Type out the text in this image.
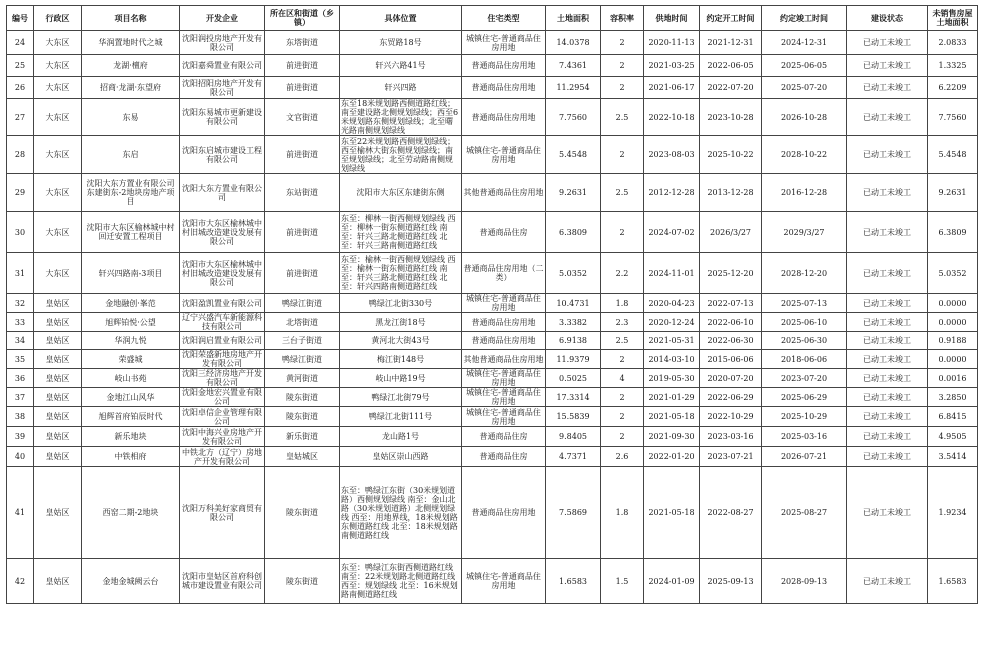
编号	行政区	项目名称	开发企业	所在区和街道（乡镇）	具体位置	住宅类型	土地面积	容积率	供地时间	约定开工时间	约定竣工时间	建设状态	未销售房屋土地面积
24	大东区	华润置地时代之城	沈阳润投房地产开发有限公司	东塔街道	东贸路18号	城镇住宅-普通商品住房用地	14.0378	2	2020-11-13	2021-12-31	2024-12-31	已动工未竣工	2.0833
25	大东区	龙湖·檀府	沈阳嘉舜置业有限公司	前进街道	轩兴六路41号	普通商品住房用地	7.4361	2	2021-03-25	2022-06-05	2025-06-05	已动工未竣工	1.3325
26	大东区	招商·龙湖·东望府	沈阳招阳房地产开发有限公司	前进街道	轩兴四路	普通商品住房用地	11.2954	2	2021-06-17	2022-07-20	2025-07-20	已动工未竣工	6.2209
27	大东区	东易	沈阳东易城市更新建设有限公司	文官街道	东至18米规划路西侧道路红线；南至建设路北侧规划绿线；西至6米规划路东侧规划绿线；北至曙光路南侧规划绿线	普通商品住房用地	7.7560	2.5	2022-10-18	2023-10-28	2026-10-28	已动工未竣工	7.7560
28	大东区	东启	沈阳东启城市建设工程有限公司	前进街道	东至22米规划路西侧规划绿线；西至榆林大街东侧规划绿线；南至规划绿线；北至劳动路南侧规划绿线	城镇住宅-普通商品住房用地	5.4548	2	2023-08-03	2025-10-22	2028-10-22	已动工未竣工	5.4548
29	大东区	沈阳大东方置业有限公司东建街东-2地块房地产项目	沈阳大东方置业有限公司	东站街道	沈阳市大东区东建街东侧	其他普通商品住房用地	9.2631	2.5	2012-12-28	2013-12-28	2016-12-28	已动工未竣工	9.2631
30	大东区	沈阳市大东区榆林城中村回迁安置工程项目	沈阳市大东区榆林城中村旧城改造建设发展有限公司	前进街道	东至：柳林一街西侧规划绿线 西至：柳林一街东侧道路红线 南至：轩兴三路北侧道路红线 北至：轩兴三路南侧道路红线	普通商品住房	6.3809	2	2024-07-02	2026/3/27	2029/3/27	已动工未竣工	6.3809
31	大东区	轩兴四路南-3项目	沈阳市大东区榆林城中村旧城改造建设发展有限公司	前进街道	东至：榆林一街西侧规划绿线 西至：榆林一街东侧道路红线 南至：轩兴三路北侧道路红线 北至：轩兴四路南侧道路红线	普通商品住房用地（二类）	5.0352	2.2	2024-11-01	2025-12-20	2028-12-20	已动工未竣工	5.0352
32	皇姑区	金地融创·峯范	沈阳盈凯置业有限公司	鸭绿江街道	鸭绿江北街330号	城镇住宅-普通商品住房用地	10.4731	1.8	2020-04-23	2022-07-13	2025-07-13	已动工未竣工	0.0000
33	皇姑区	旭辉铂悦·公望	辽宁兴盛汽车新能源科技有限公司	北塔街道	黑龙江街18号	普通商品住房用地	3.3382	2.3	2020-12-24	2022-06-10	2025-06-10	已动工未竣工	0.0000
34	皇姑区	华润九悦	沈阳润启置业有限公司	三台子街道	黄河北大街43号	普通商品住房用地	6.9138	2.5	2021-05-31	2022-06-30	2025-06-30	已动工未竣工	0.9188
35	皇姑区	荣盛城	沈阳荣盛新地房地产开发有限公司	鸭绿江街道	梅江街148号	其他普通商品住房用地	11.9379	2	2014-03-10	2015-06-06	2018-06-06	已动工未竣工	0.0000
36	皇姑区	岐山书苑	沈阳三经济房地产开发有限公司	黄河街道	岐山中路19号	城镇住宅-普通商品住房用地	0.5025	4	2019-05-30	2020-07-20	2023-07-20	已动工未竣工	0.0016
37	皇姑区	金地江山风华	沈阳金地宏兴置业有限公司	陵东街道	鸭绿江北街79号	城镇住宅-普通商品住房用地	17.3314	2	2021-01-29	2022-06-29	2025-06-29	已动工未竣工	3.2850
38	皇姑区	旭辉首府铂辰时代	沈阳卓信企业管理有限公司	陵东街道	鸭绿江北街111号	城镇住宅-普通商品住房用地	15.5839	2	2021-05-18	2022-10-29	2025-10-29	已动工未竣工	6.8415
39	皇姑区	新乐地块	沈阳中海兴业房地产开发有限公司	新乐街道	龙山路1号	普通商品住房	9.8405	2	2021-09-30	2023-03-16	2025-03-16	已动工未竣工	4.9505
40	皇姑区	中铁相府	中铁北方（辽宁）房地产开发有限公司	皇姑城区	皇姑区崇山西路	普通商品住房	4.7371	2.6	2022-01-20	2023-07-21	2026-07-21	已动工未竣工	3.5414
41	皇姑区	西窑二期-2地块	沈阳万科美好家商贸有限公司	陵东街道	东至：鸭绿江东街（30米规划道路）西侧规划绿线 南至：金山北路（30米规划道路）北侧规划绿线 西至：用地界线，18米规划路东侧道路红线 北至：18米规划路南侧道路红线	普通商品住房用地	7.5869	1.8	2021-05-18	2022-08-27	2025-08-27	已动工未竣工	1.9234
42	皇姑区	金地金城阙云台	沈阳市皇姑区首府科创城市建设置业有限公司	陵东街道	东至：鸭绿江东街西侧道路红线 南至：22米规划路北侧道路红线 西至：规划绿线 北至：16米规划路南侧道路红线	城镇住宅-普通商品住房用地	1.6583	1.5	2024-01-09	2025-09-13	2028-09-13	已动工未竣工	1.6583
